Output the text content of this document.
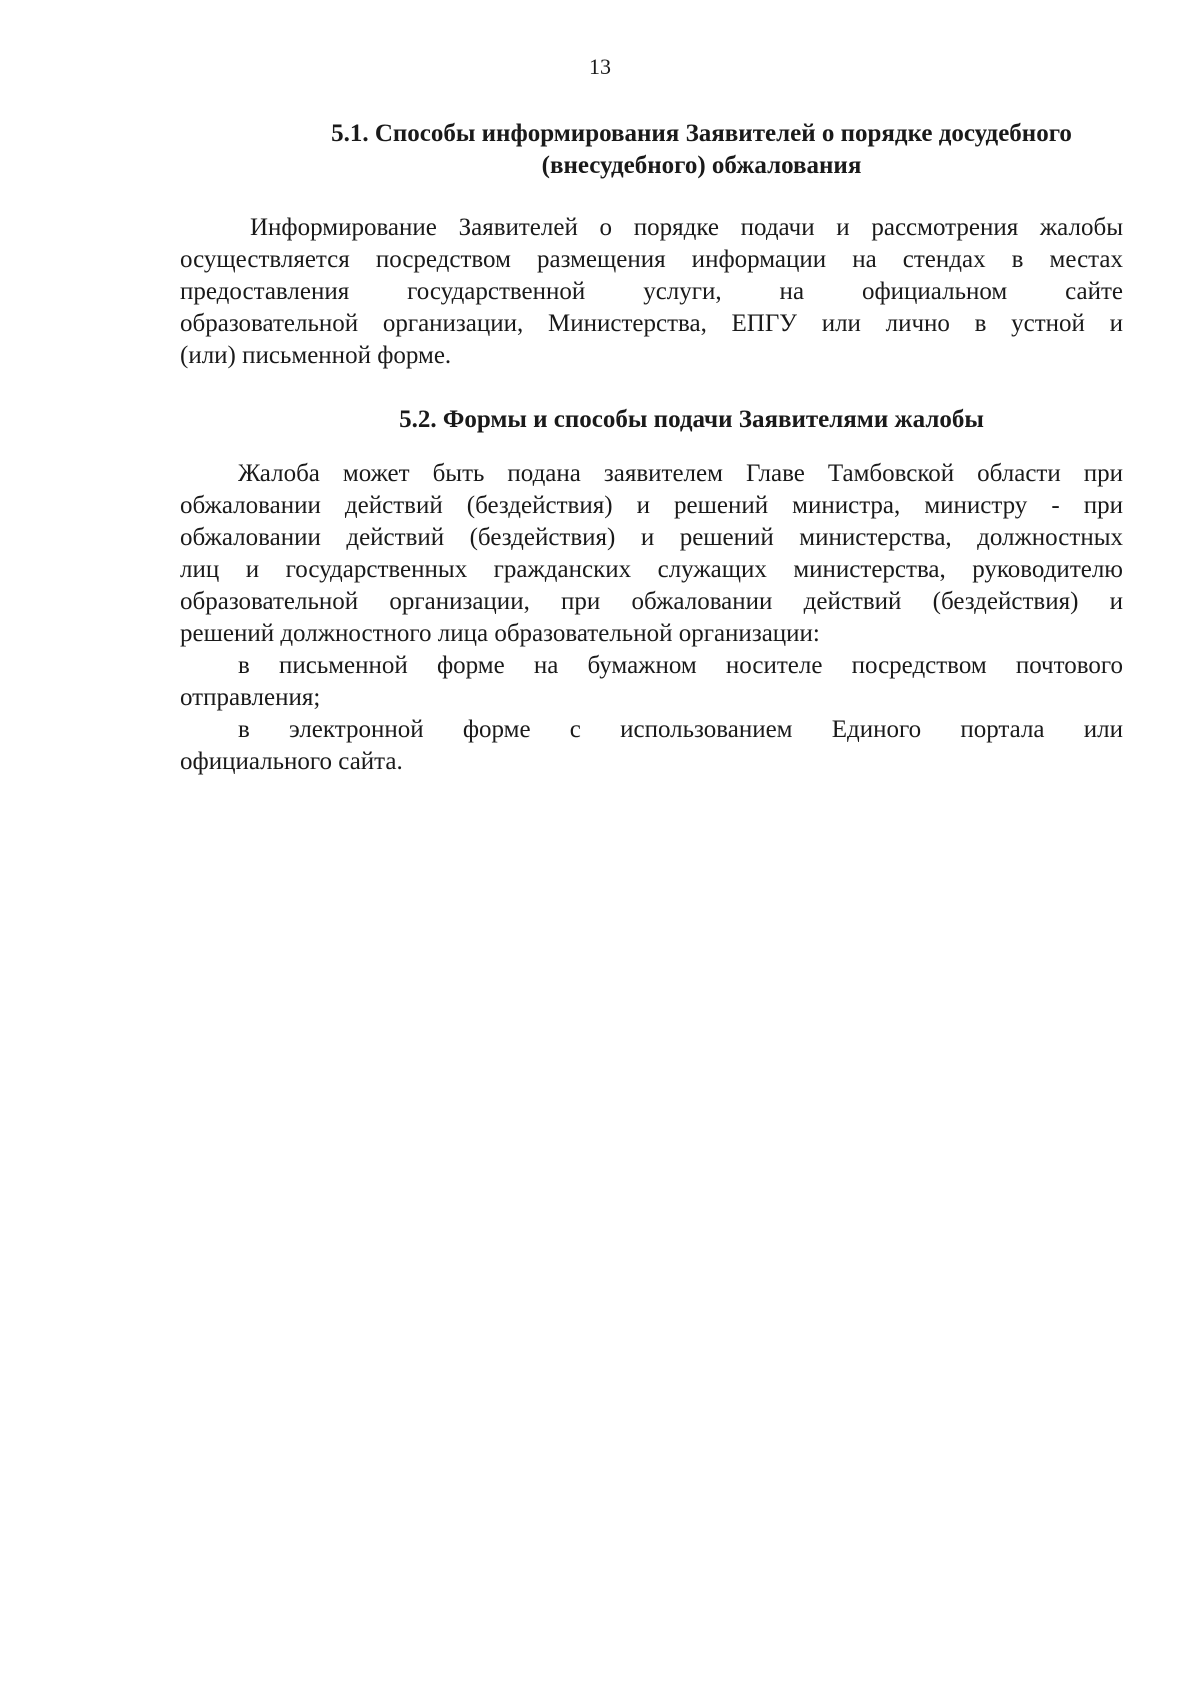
13
5.1. Способы информирования Заявителей о порядке досудебного
(внесудебного) обжалования
Информирование Заявителей о порядке подачи и рассмотрения жалобы
осуществляется посредством размещения информации на стендах в местах
предоставления государственной услуги, на официальном сайте
образовательной организации, Министерства, ЕПГУ или лично в устной и
(или) письменной форме.
5.2. Формы и способы подачи Заявителями жалобы
Жалоба может быть подана заявителем Главе Тамбовской области при
обжаловании действий (бездействия) и решений министра, министру - при
обжаловании действий (бездействия) и решений министерства, должностных
лиц и государственных гражданских служащих министерства, руководителю
образовательной организации, при обжаловании действий (бездействия) и
решений должностного лица образовательной организации:
в письменной форме на бумажном носителе посредством почтового
отправления;
в электронной форме с использованием Единого портала или
официального сайта.
